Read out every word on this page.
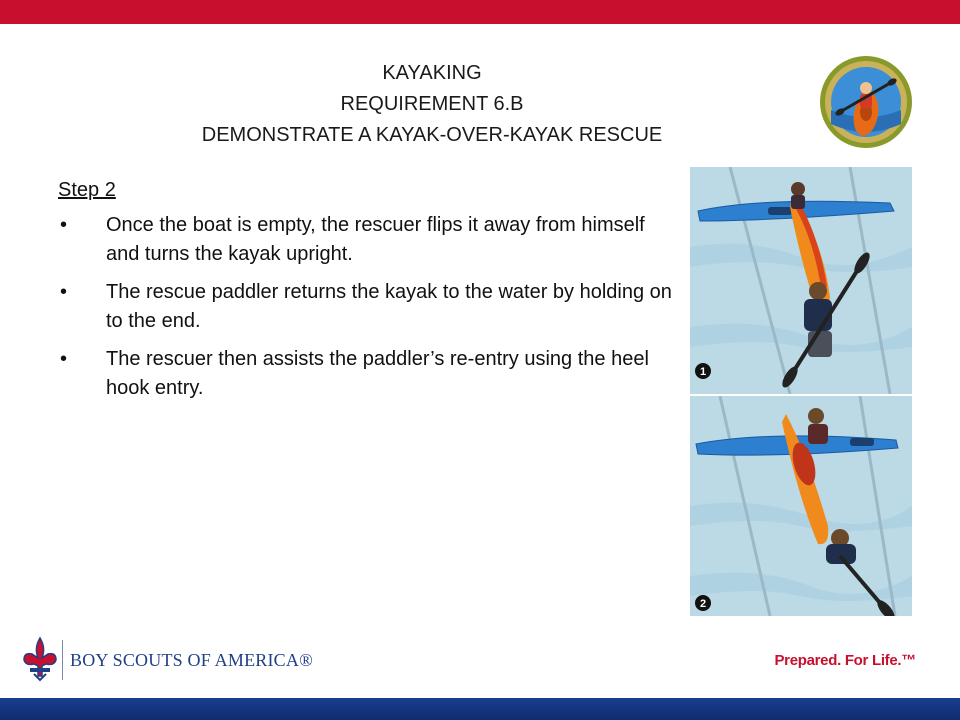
KAYAKING
REQUIREMENT 6.B
DEMONSTRATE A KAYAK-OVER-KAYAK RESCUE
Step 2
• Once the boat is empty, the rescuer flips it away from himself and turns the kayak upright.
• The rescue paddler returns the kayak to the water by holding on to the end.
• The rescuer then assists the paddler’s re-entry using the heel hook entry.
1
2
BOY SCOUTS OF AMERICA®	Prepared. For Life.™
